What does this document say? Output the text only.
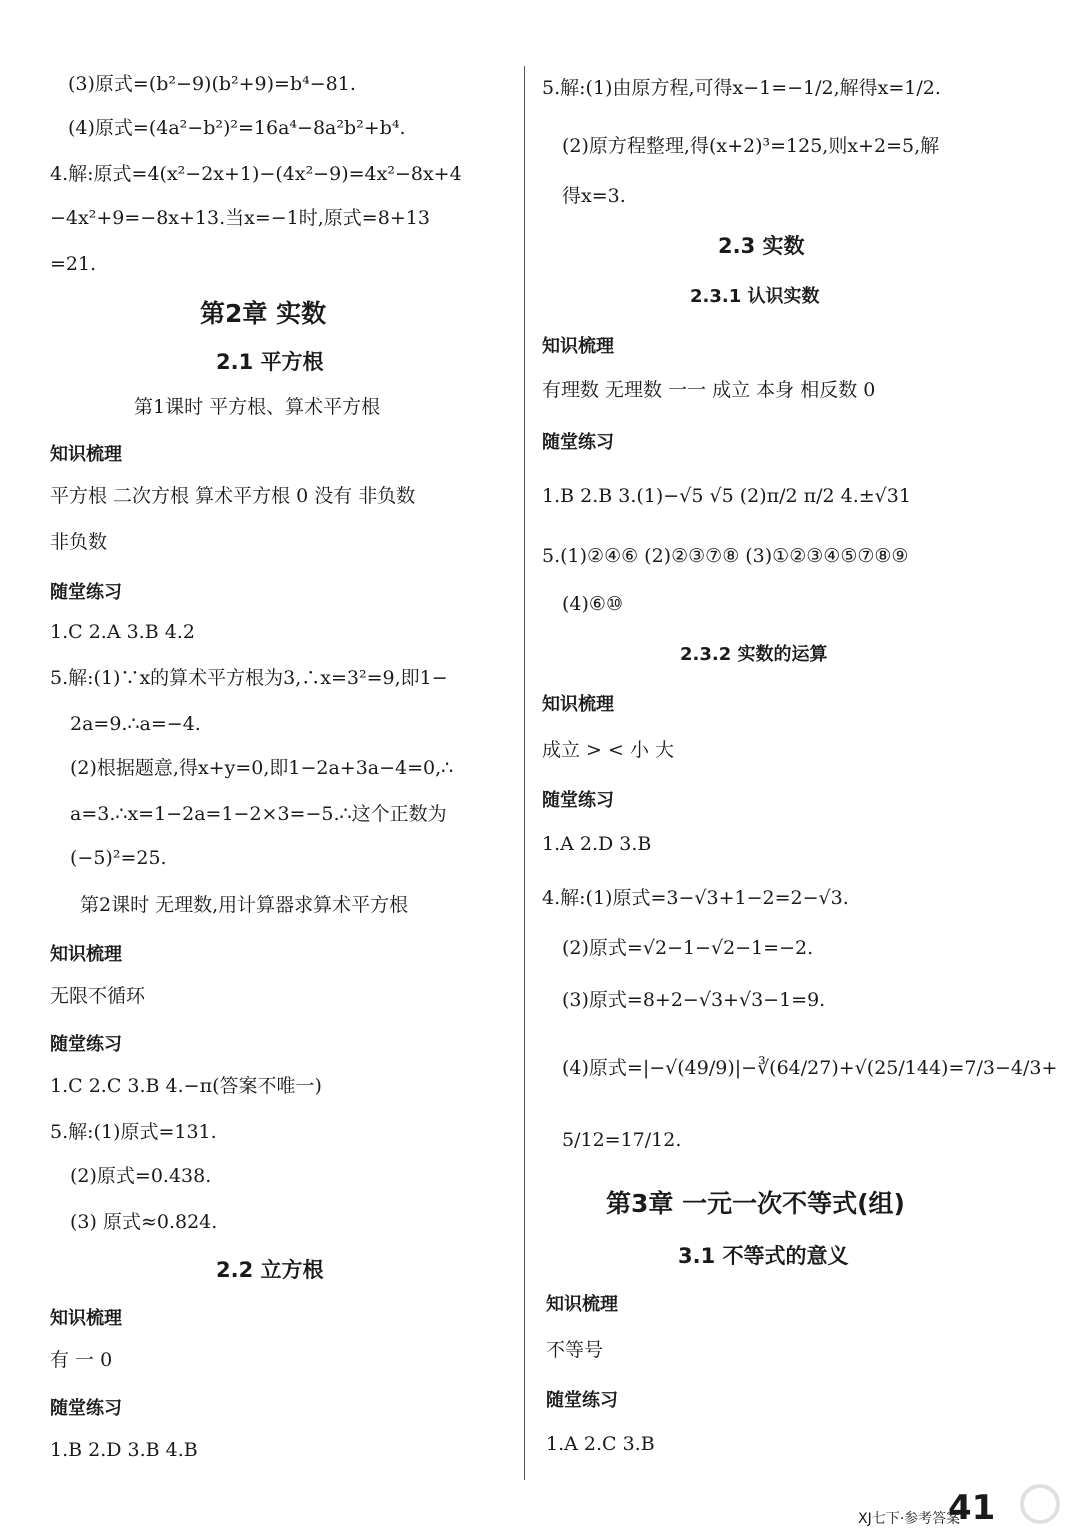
(3)原式=(b²−9)(b²+9)=b⁴−81.
(4)原式=(4a²−b²)²=16a⁴−8a²b²+b⁴.
4.解:原式=4(x²−2x+1)−(4x²−9)=4x²−8x+4
−4x²+9=−8x+13.当x=−1时,原式=8+13
=21.
第2章 实数
2.1 平方根
第1课时 平方根、算术平方根
知识梳理
平方根 二次方根 算术平方根 0 没有 非负数
非负数
随堂练习
1.C 2.A 3.B 4.2
5.解:(1)∵x的算术平方根为3,∴x=3²=9,即1−
2a=9.∴a=−4.
(2)根据题意,得x+y=0,即1−2a+3a−4=0,∴
a=3.∴x=1−2a=1−2×3=−5.∴这个正数为
(−5)²=25.
第2课时 无理数,用计算器求算术平方根
知识梳理
无限不循环
随堂练习
1.C 2.C 3.B 4.−π(答案不唯一)
5.解:(1)原式=131.
(2)原式=0.438.
(3) 原式≈0.824.
2.2 立方根
知识梳理
有 一 0
随堂练习
1.B 2.D 3.B 4.B
5.解:(1)由原方程,可得x−1=−1/2,解得x=1/2.
(2)原方程整理,得(x+2)³=125,则x+2=5,解
得x=3.
2.3 实数
2.3.1 认识实数
知识梳理
有理数 无理数 一一 成立 本身 相反数 0
随堂练习
1.B 2.B 3.(1)−√5 √5 (2)π/2 π/2 4.±√31
5.(1)②④⑥ (2)②③⑦⑧ (3)①②③④⑤⑦⑧⑨
(4)⑥⑩
2.3.2 实数的运算
知识梳理
成立 > < 小 大
随堂练习
1.A 2.D 3.B
4.解:(1)原式=3−√3+1−2=2−√3.
(2)原式=√2−1−√2−1=−2.
(3)原式=8+2−√3+√3−1=9.
(4)原式=|−√(49/9)|−∛(64/27)+√(25/144)=7/3−4/3+
5/12=17/12.
第3章 一元一次不等式(组)
3.1 不等式的意义
知识梳理
不等号
随堂练习
1.A 2.C 3.B
XJ七下·参考答案
41
